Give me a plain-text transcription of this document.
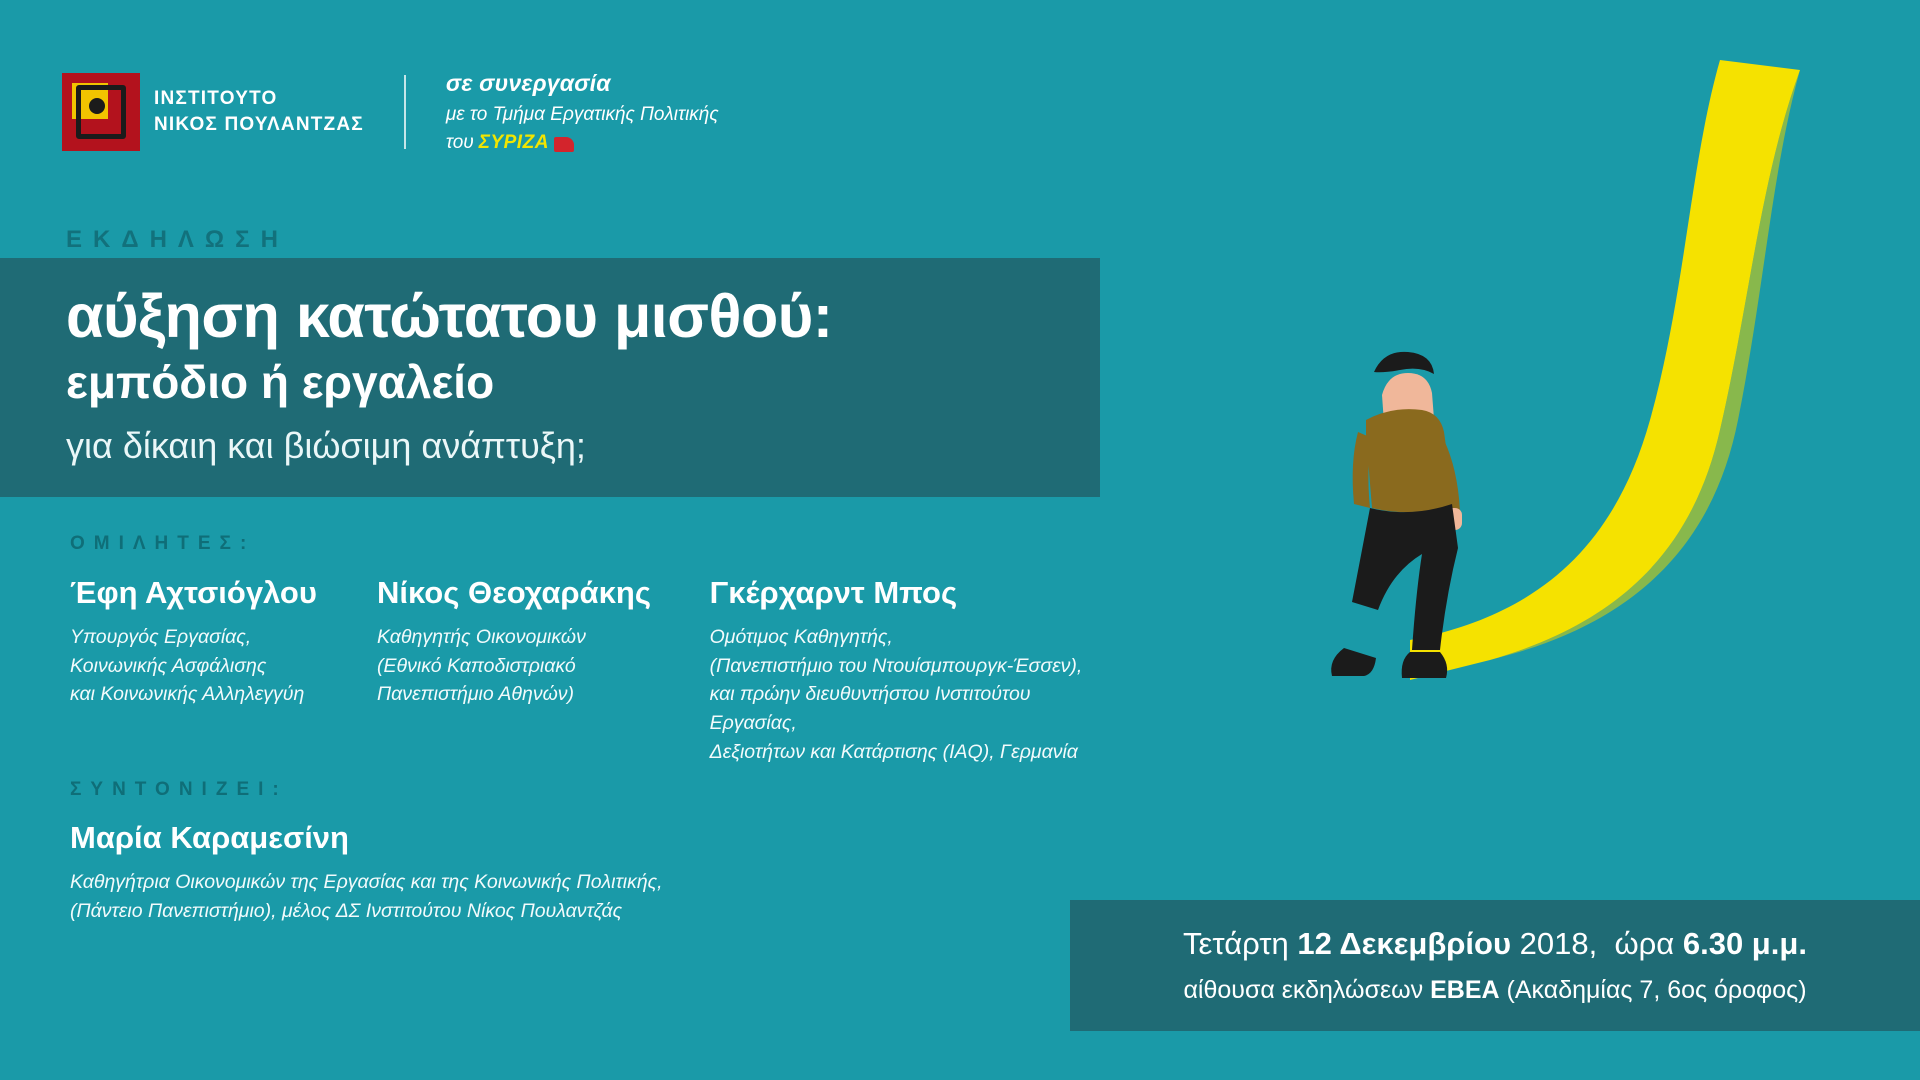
ΙΝΣΤΙΤΟΥΤΟ
ΝΙΚΟΣ ΠΟΥΛΑΝΤΖΑΣ
σε συνεργασία
με το Τμήμα Εργατικής Πολιτικής
του ΣΥΡΙΖΑ
ΕΚΔΗΛΩΣΗ
αύξηση κατώτατου μισθού:
εμπόδιο ή εργαλείο
για δίκαιη και βιώσιμη ανάπτυξη;
ΟΜΙΛΗΤΕΣ:
Έφη Αχτσιόγλου
Υπουργός Εργασίας,
Κοινωνικής Ασφάλισης
και Κοινωνικής Αλληλεγγύη
Νίκος Θεοχαράκης
Καθηγητής Οικονομικών
(Εθνικό Καποδιστριακό
Πανεπιστήμιο Αθηνών)
Γκέρχαρντ Μπος
Ομότιμος Καθηγητής,
(Πανεπιστήμιο του Ντουίσμπουργκ-Έσσεν),
και πρώην διευθυντήστου Ινστιτούτου Εργασίας,
Δεξιοτήτων και Κατάρτισης (ΙΑQ), Γερμανία
ΣΥΝΤΟΝΙΖΕΙ:
Μαρία Καραμεσίνη
Καθηγήτρια Οικονομικών της Εργασίας και της Κοινωνικής Πολιτικής,
(Πάντειο Πανεπιστήμιο), μέλος ΔΣ Ινστιτούτου Νίκος Πουλαντζάς
Τετάρτη 12 Δεκεμβρίου 2018, ώρα 6.30 μ.μ.
αίθουσα εκδηλώσεων ΕΒΕΑ (Ακαδημίας 7, 6ος όροφος)
